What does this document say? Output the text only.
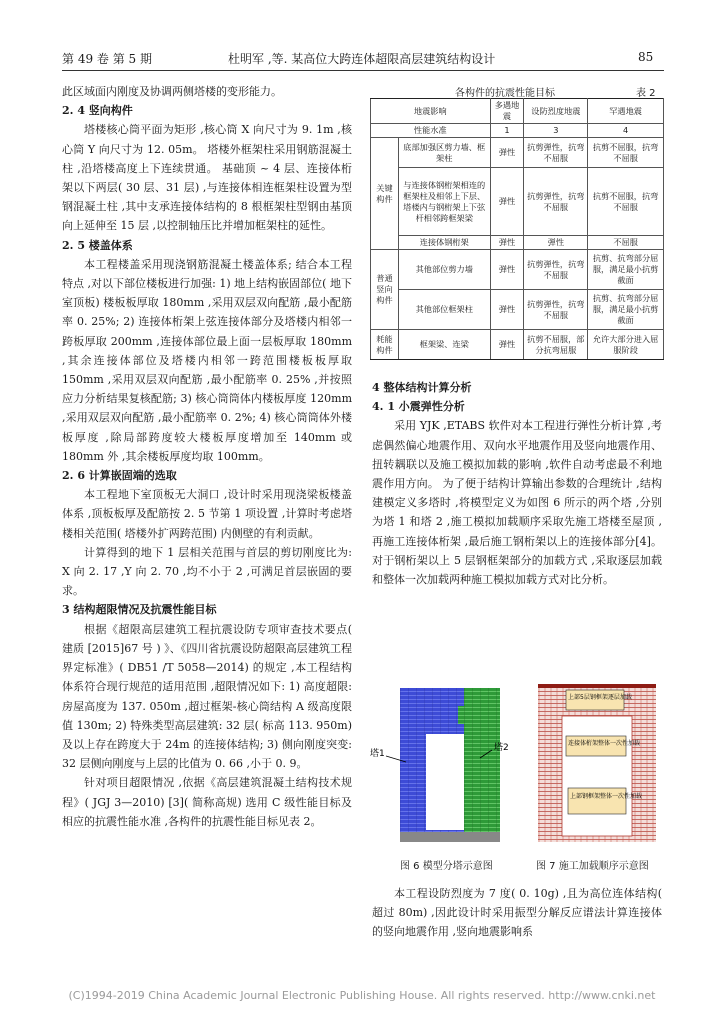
第 49 卷 第 5 期	杜明军 ,等. 某高位大跨连体超限高层建筑结构设计	85

此区域面内刚度及协调两侧塔楼的变形能力。

2. 4 竖向构件

塔楼核心筒平面为矩形 ,核心筒 X 向尺寸为 9. 1m ,核心筒 Y 向尺寸为 12. 05m。 塔楼外框架柱采用钢筋混凝土柱 ,沿塔楼高度上下连续贯通。 基础顶 ~ 4 层、连接体桁架以下两层( 30 层、31 层) ,与连接体相连框架柱设置为型钢混凝土柱 ,其中支承连接体结构的 8 根框架柱型钢由基顶向上延伸至 15 层 ,以控制轴压比并增加框架柱的延性。

2. 5 楼盖体系

本工程楼盖采用现浇钢筋混凝土楼盖体系; 结合本工程特点 ,对以下部位楼板进行加强: 1) 地上结构嵌固部位( 地下室顶板) 楼板板厚取 180mm ,采用双层双向配筋 ,最小配筋率 0. 25%; 2) 连接体桁架上弦连接体部分及塔楼内相邻一跨板厚取 200mm ,连接体部位最上面一层板厚取 180mm ,其余连接体部位及塔楼内相邻一跨范围楼板板厚取 150mm ,采用双层双向配筋 ,最小配筋率 0. 25% ,并按照应力分析结果复核配筋; 3) 核心筒筒体内楼板厚度 120mm ,采用双层双向配筋 ,最小配筋率 0. 2%; 4) 核心筒筒体外楼板厚度 ,除局部跨度较大楼板厚度增加至 140mm 或 180mm 外 ,其余楼板厚度均取 100mm。

2. 6 计算嵌固端的选取

本工程地下室顶板无大洞口 ,设计时采用现浇梁板楼盖体系 ,顶板板厚及配筋按 2. 5 节第 1 项设置 ,计算时考虑塔楼相关范围( 塔楼外扩两跨范围) 内侧壁的有利贡献。

计算得到的地下 1 层相关范围与首层的剪切刚度比为: X 向 2. 17 ,Y 向 2. 70 ,均不小于 2 ,可满足首层嵌固的要求。

3 结构超限情况及抗震性能目标

根据《超限高层建筑工程抗震设防专项审查技术要点( 建质 [2015]67 号 ) 》、《四川省抗震设防超限高层建筑工程界定标准》( DB51 /T 5058—2014) 的规定 ,本工程结构体系符合现行规范的适用范围 ,超限情况如下: 1) 高度超限: 房屋高度为 137. 050m ,超过框架-核心筒结构 A 级高度限值 130m; 2) 特殊类型高层建筑: 32 层( 标高 113. 950m) 及以上存在跨度大于 24m 的连接体结构; 3) 侧向刚度突变: 32 层侧向刚度与上层的比值为 0. 66 ,小于 0. 9。

针对项目超限情况 ,依据《高层建筑混凝土结构技术规程》( JGJ 3—2010) [3]( 简称高规) 选用 C 级性能目标及相应的抗震性能水准 ,各构件的抗震性能目标见表 2。

各构件的抗震性能目标	表 2
地震影响		多遇地震	设防烈度地震	罕遇地震
性能水准		1	3	4
关键构件	底部加强区剪力墙、框架柱	弹性	抗剪弹性，抗弯不屈服	抗剪不屈服，抗弯不屈服
	与连接体钢桁架相连的框架柱及相邻上下层、塔楼内与钢桁架上下弦杆相邻跨框架梁	弹性	抗剪弹性，抗弯不屈服	抗剪不屈服，抗弯不屈服
	连接体钢桁架	弹性	弹性	不屈服
普通竖向构件	其他部位剪力墙	弹性	抗剪弹性，抗弯不屈服	抗剪、抗弯部分屈服，满足最小抗剪截面
	其他部位框架柱	弹性	抗剪弹性，抗弯不屈服	抗剪、抗弯部分屈服，满足最小抗剪截面
耗能构件	框架梁、连梁	弹性	抗剪不屈服，部分抗弯屈服	允许大部分进入屈服阶段

4 整体结构计算分析

4. 1 小震弹性分析

采用 YJK ,ETABS 软件对本工程进行弹性分析计算 ,考虑偶然偏心地震作用、双向水平地震作用及竖向地震作用、扭转耦联以及施工模拟加载的影响 ,软件自动考虑最不利地震作用方向。 为了便于结构计算输出参数的合理统计 ,结构建模定义多塔时 ,将模型定义为如图 6 所示的两个塔 ,分别为塔 1 和塔 2 ,施工模拟加载顺序采取先施工塔楼至屋顶 ,再施工连接体桁架 ,最后施工钢桁架以上的连接体部分[4]。对于钢桁架以上 5 层钢框架部分的加载方式 ,采取逐层加载和整体一次加载两种施工模拟加载方式对比分析。

塔1
塔2
上部5层钢框架逐层加载
连接体桁架整体一次性加载
上部钢框架整体一次性加载
图 6 模型分塔示意图	图 7 施工加载顺序示意图

本工程设防烈度为 7 度( 0. 10g) ,且为高位连体结构( 超过 80m) ,因此设计时采用振型分解反应谱法计算连接体的竖向地震作用 ,竖向地震影响系

(C)1994-2019 China Academic Journal Electronic Publishing House. All rights reserved. http://www.cnki.net
